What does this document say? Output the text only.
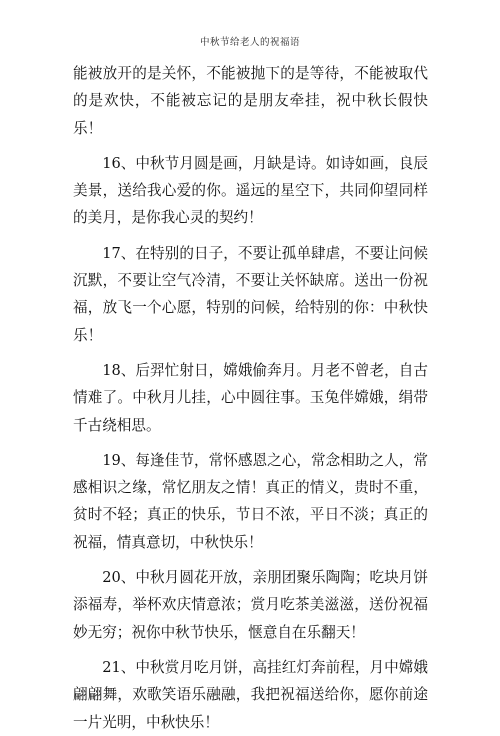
中秋节给老人的祝福语

能被放开的是关怀，不能被抛下的是等待，不能被取代的是欢快，不能被忘记的是朋友牵挂，祝中秋长假快乐！

16、中秋节月圆是画，月缺是诗。如诗如画，良辰美景，送给我心爱的你。遥远的星空下，共同仰望同样的美月，是你我心灵的契约！

17、在特别的日子，不要让孤单肆虐，不要让问候沉默，不要让空气冷清，不要让关怀缺席。送出一份祝福，放飞一个心愿，特别的问候，给特别的你：中秋快乐！

18、后羿忙射日，嫦娥偷奔月。月老不曾老，自古情难了。中秋月儿挂，心中圆往事。玉兔伴嫦娥，绢带千古绕相思。

19、每逢佳节，常怀感恩之心，常念相助之人，常感相识之缘，常忆朋友之情！真正的情义，贵时不重，贫时不轻；真正的快乐，节日不浓，平日不淡；真正的祝福，情真意切，中秋快乐！

20、中秋月圆花开放，亲朋团聚乐陶陶；吃块月饼添福寿，举杯欢庆情意浓；赏月吃茶美滋滋，送份祝福妙无穷；祝你中秋节快乐，惬意自在乐翻天！

21、中秋赏月吃月饼，高挂红灯奔前程，月中嫦娥翩翩舞，欢歌笑语乐融融，我把祝福送给你，愿你前途一片光明，中秋快乐！
